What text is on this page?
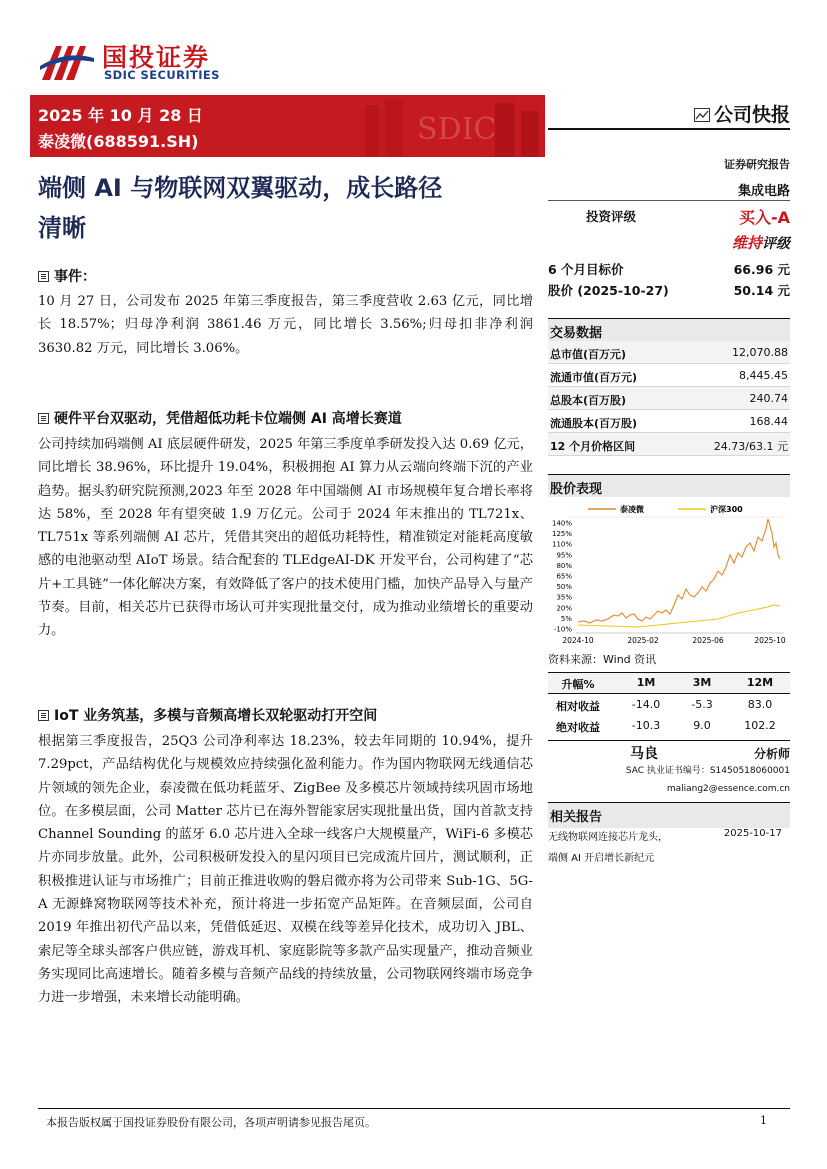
国投证券
SDIC SECURITIES
SDIC
2025 年 10 月 28 日
泰凌微(688591.SH)
公司快报
端侧 AI 与物联网双翼驱动，成长路径
清晰
事件：
10 月 27 日，公司发布 2025 年第三季度报告，第三季度营收 2.63 亿元，同比增长 18.57%；归母净利润 3861.46 万元，同比增长 3.56%;归母扣非净利润 3630.82 万元，同比增长 3.06%。
硬件平台双驱动，凭借超低功耗卡位端侧 AI 高增长赛道
公司持续加码端侧 AI 底层硬件研发，2025 年第三季度单季研发投入达 0.69 亿元，同比增长 38.96%，环比提升 19.04%，积极拥抱 AI 算力从云端向终端下沉的产业趋势。据头豹研究院预测,2023 年至 2028 年中国端侧 AI 市场规模年复合增长率将达 58%，至 2028 年有望突破 1.9 万亿元。公司于 2024 年末推出的 TL721x、TL751x 等系列端侧 AI 芯片，凭借其突出的超低功耗特性，精准锁定对能耗高度敏感的电池驱动型 AIoT 场景。结合配套的 TLEdgeAI-DK 开发平台，公司构建了“芯片+工具链”一体化解决方案，有效降低了客户的技术使用门槛，加快产品导入与量产节奏。目前，相关芯片已获得市场认可并实现批量交付，成为推动业绩增长的重要动力。
IoT 业务筑基，多模与音频高增长双轮驱动打开空间
根据第三季度报告，25Q3 公司净利率达 18.23%，较去年同期的 10.94%，提升 7.29pct，产品结构优化与规模效应持续强化盈利能力。作为国内物联网无线通信芯片领域的领先企业，泰凌微在低功耗蓝牙、ZigBee 及多模芯片领域持续巩固市场地位。在多模层面，公司 Matter 芯片已在海外智能家居实现批量出货，国内首款支持 Channel Sounding 的蓝牙 6.0 芯片进入全球一线客户大规模量产，WiFi-6 多模芯片亦同步放量。此外，公司积极研发投入的星闪项目已完成流片回片，测试顺利，正积极推进认证与市场推广；目前正推进收购的磐启微亦将为公司带来 Sub-1G、5G-A 无源蜂窝物联网等技术补充，预计将进一步拓宽产品矩阵。在音频层面，公司自 2019 年推出初代产品以来，凭借低延迟、双模在线等差异化技术，成功切入 JBL、索尼等全球头部客户供应链，游戏耳机、家庭影院等多款产品实现量产，推动音频业务实现同比高速增长。随着多模与音频产品线的持续放量，公司物联网终端市场竞争力进一步增强，未来增长动能明确。
证券研究报告
集成电路
投资评级	买入-A
维持评级
6 个月目标价	66.96 元
股价 (2025-10-27)	50.14 元
交易数据
总市值(百万元)	12,070.88
流通市值(百万元)	8,445.45
总股本(百万股)	240.74
流通股本(百万股)	168.44
12 个月价格区间	24.73/63.1 元
股价表现
泰凌微	沪深300
140%
125%
110%
95%
80%
65%
50%
35%
20%
5%
-10%
2024-10	2025-02	2025-06	2025-10
资料来源：Wind 资讯
升幅%	1M	3M	12M
相对收益	-14.0	-5.3	83.0
绝对收益	-10.3	9.0	102.2
马良	分析师
SAC 执业证书编号：S1450518060001
maliang2@essence.com.cn
相关报告
无线物联网连接芯片龙头，	2025-10-17
端侧 AI 开启增长新纪元
本报告版权属于国投证券股份有限公司，各项声明请参见报告尾页。	1
